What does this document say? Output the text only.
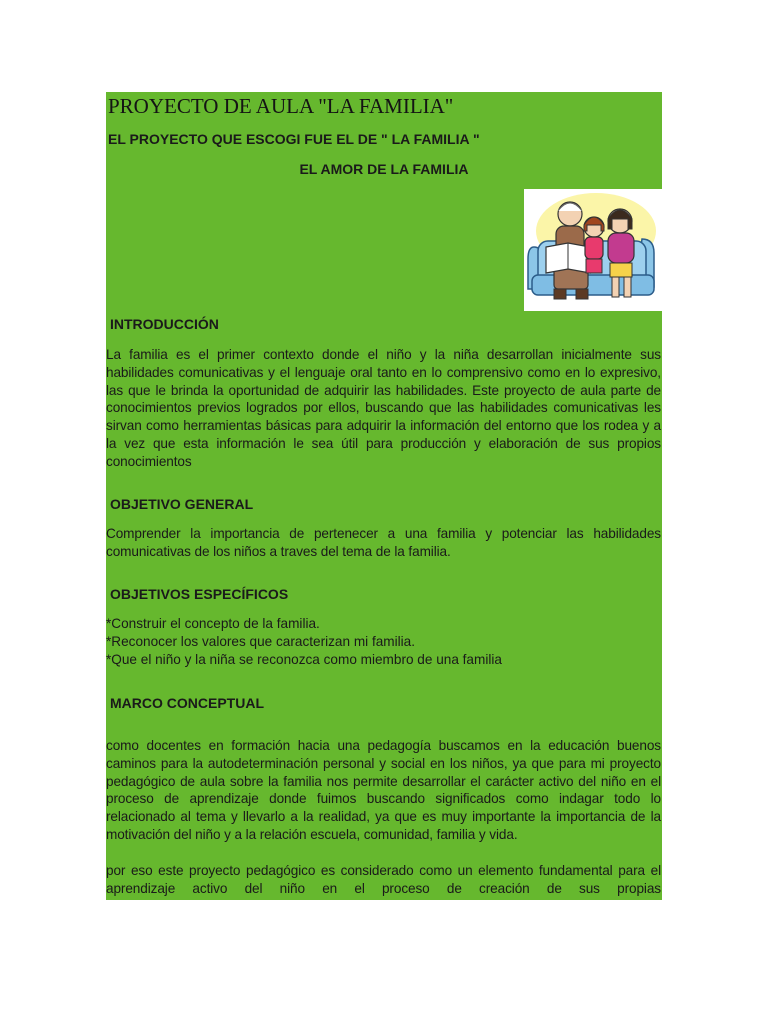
PROYECTO DE AULA "LA FAMILIA"

EL PROYECTO QUE ESCOGI FUE EL DE " LA FAMILIA "

EL AMOR DE LA FAMILIA

INTRODUCCIÓN

La familia es el primer contexto donde el niño y la niña desarrollan inicialmente sus habilidades comunicativas y el lenguaje oral tanto en lo comprensivo como en lo expresivo, las que le brinda la oportunidad de adquirir las habilidades. Este proyecto de aula parte de conocimientos previos logrados por ellos, buscando que las habilidades comunicativas les sirvan como herramientas básicas para adquirir la información del entorno que los rodea y a la vez que esta información le sea útil para producción y elaboración de sus propios conocimientos

OBJETIVO GENERAL

Comprender la importancia de pertenecer a una familia y potenciar las habilidades comunicativas de los niños a traves del tema de la familia.

OBJETIVOS ESPECÍFICOS

*Construir el concepto de la familia.
*Reconocer los valores que caracterizan mi familia.
*Que el niño y la niña se reconozca como miembro de una familia

MARCO CONCEPTUAL

como docentes en formación hacia una pedagogía buscamos en la educación buenos caminos para la autodeterminación personal y social en los niños, ya que para mi proyecto pedagógico de aula sobre la familia nos permite desarrollar el carácter activo del niño en el proceso de aprendizaje donde fuimos buscando significados como indagar todo lo relacionado al tema y llevarlo a la realidad, ya que es muy importante la importancia de la motivación del niño y a la relación escuela, comunidad, familia y vida.

por eso este proyecto pedagógico es considerado como un elemento fundamental para el aprendizaje activo del niño en el proceso de creación de sus propias
